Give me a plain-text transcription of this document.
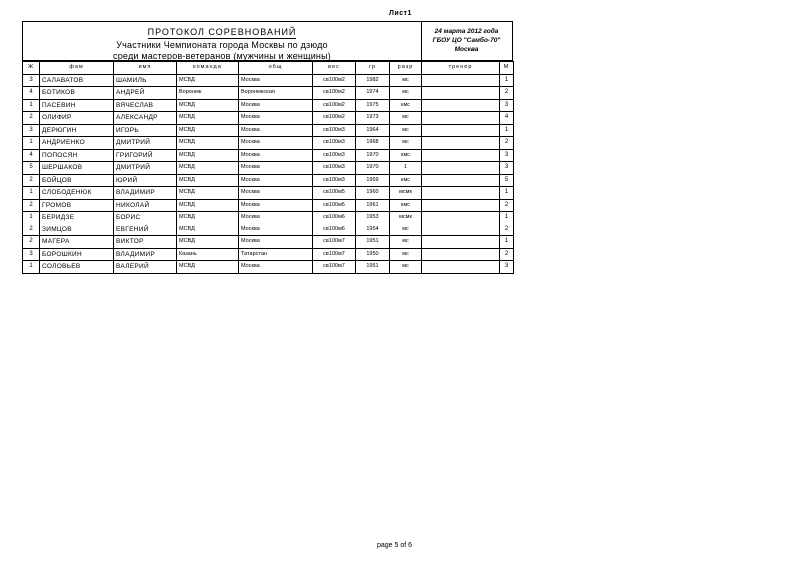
Лист1
ПРОТОКОЛ СОРЕВНОВАНИЙ
Участники Чемпионата города Москвы по дзюдо
среди мастеров-ветеранов (мужчины и женщины)
24 марта 2012 года
ГБОУ ЦО "Самбо-70"
Москва
Ж	фам	имя	команда	общ	вес	гр	разр	тренер	М
3	САЛАВАТОВ	ШАМИЛЬ	МСВД	Москва	св100м2	1982	мс		1
4	БОТИКОВ	АНДРЕЙ	Воронеж	Воронежская	св100м2	1974	мс		2
1	ПАСЕВИН	ВЯЧЕСЛАВ	МСВД	Москва	св100м2	1975	кмс		3
2	ОЛИФИР	АЛЕКСАНДР	МСВД	Москва	св100м2	1973	мс		4
3	ДЕРЮГИН	ИГОРЬ	МСВД	Москва	св100м3	1964	мс		1
1	АНДРИЕНКО	ДМИТРИЙ	МСВД	Москва	св100м3	1968	мс		2
4	ПОПОСЯН	ГРИГОРИЙ	МСВД	Москва	св100м3	1970	кмс		3
5	ШЕРШАКОВ	ДМИТРИЙ	МСВД	Москва	св100м3	1970	1		3
2	БОЙЦОВ	ЮРИЙ	МСВД	Москва	св100м3	1969	кмс		5
1	СЛОБОДЕНЮК	ВЛАДИМИР	МСВД	Москва	св100м5	1960	мсмк		1
2	ГРОМОВ	НИКОЛАЙ	МСВД	Москва	св100м5	1961	кмс		2
1	БЕРИДЗЕ	БОРИС	МСВД	Москва	св100м6	1953	мсмк		1
2	ЗИМЦОВ	ЕВГЕНИЙ	МСВД	Москва	св100м6	1954	мс		2
2	МАГЕРА	ВИКТОР	МСВД	Москва	св100м7	1951	мс		1
3	БОРОШКИН	ВЛАДИМИР	Казань	Татарстан	св100м7	1950	мс		2
1	СОЛОВЬЕВ	ВАЛЕРИЙ	МСВД	Москва	св100м7	1951	мс		3
page 5 of 6
